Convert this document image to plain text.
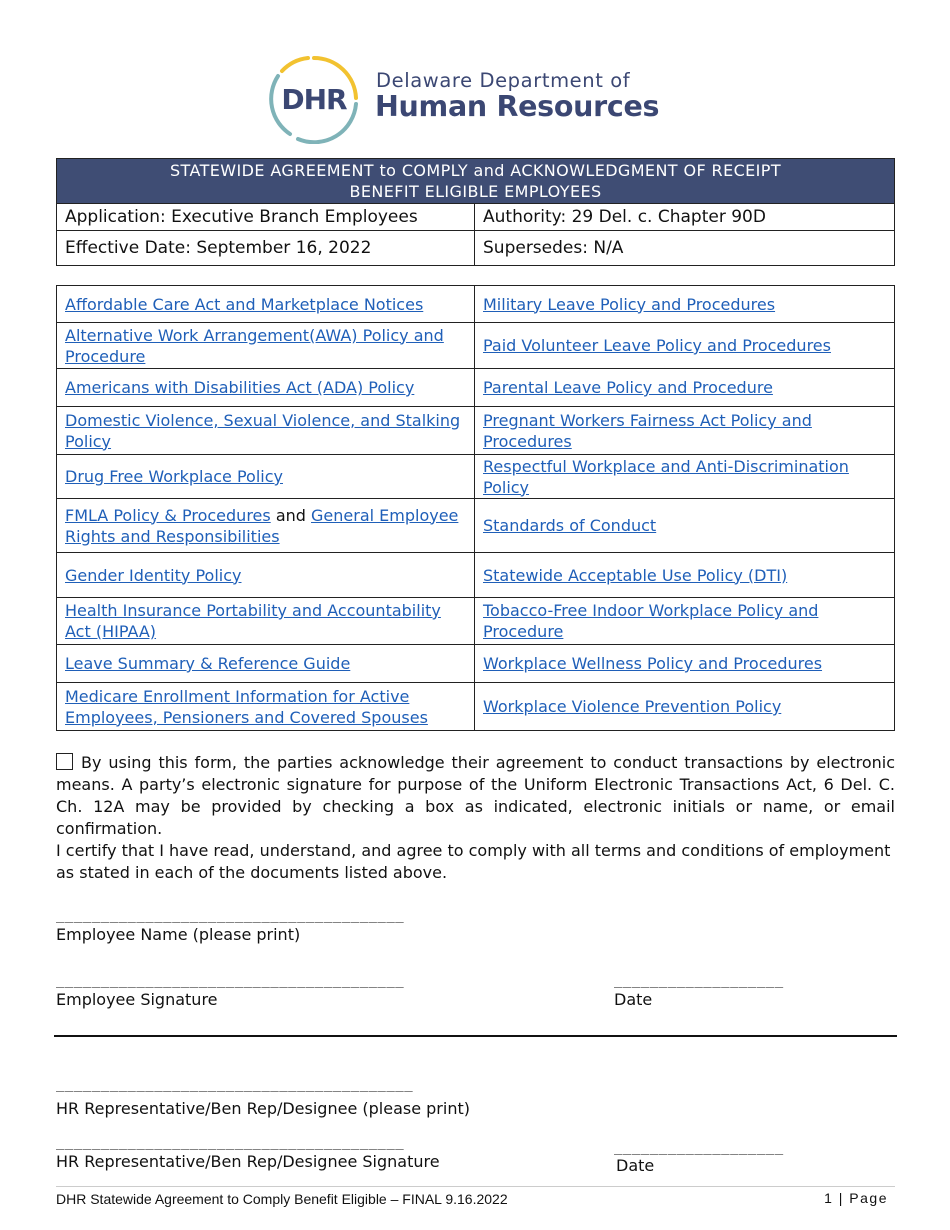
DHR
Delaware Department of
Human Resources
STATEWIDE AGREEMENT to COMPLY and ACKNOWLEDGMENT OF RECEIPT
BENEFIT ELIGIBLE EMPLOYEES	

Application: Executive Branch Employees	Authority: 29 Del. c. Chapter 90D
Effective Date: September 16, 2022	Supersedes: N/A
Affordable Care Act and Marketplace Notices	Military Leave Policy and Procedures
Alternative Work Arrangement(AWA) Policy and Procedure	Paid Volunteer Leave Policy and Procedures
Americans with Disabilities Act (ADA) Policy	Parental Leave Policy and Procedure
Domestic Violence, Sexual Violence, and Stalking Policy	Pregnant Workers Fairness Act Policy and Procedures
Drug Free Workplace Policy	Respectful Workplace and Anti-Discrimination Policy
FMLA Policy & Procedures and General Employee Rights and Responsibilities	Standards of Conduct
Gender Identity Policy	Statewide Acceptable Use Policy (DTI)
Health Insurance Portability and Accountability Act (HIPAA)	Tobacco-Free Indoor Workplace Policy and Procedure
Leave Summary & Reference Guide	Workplace Wellness Policy and Procedures
Medicare Enrollment Information for Active Employees, Pensioners and Covered Spouses	Workplace Violence Prevention Policy
By using this form, the parties acknowledge their agreement to conduct transactions by electronic means. A party’s electronic signature for purpose of the Uniform Electronic Transactions Act, 6 Del. C. Ch. 12A may be provided by checking a box as indicated, electronic initials or name, or email confirmation.
I certify that I have read, understand, and agree to comply with all terms and conditions of employment as stated in each of the documents listed above.
_______________________________________
Employee Name (please print)
_______________________________________
Employee Signature
___________________
Date
________________________________________
HR Representative/Ben Rep/Designee (please print)
_______________________________________
HR Representative/Ben Rep/Designee Signature
___________________
Date
DHR Statewide Agreement to Comply Benefit Eligible – FINAL 9.16.2022	1 | Page
